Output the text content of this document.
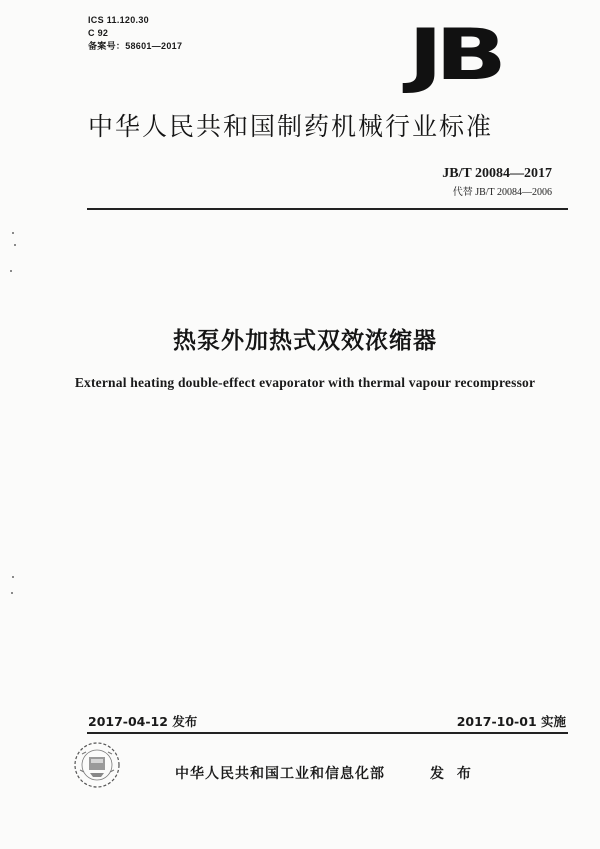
ICS 11.120.30
C 92
备案号：58601—2017	JB
中华人民共和国制药机械行业标准
JB/T 20084—2017
代替 JB/T 20084—2006
热泵外加热式双效浓缩器
External heating double-effect evaporator with thermal vapour recompressor
2017-04-12 发布	2017-10-01 实施
中华人民共和国工业和信息化部	发 布
